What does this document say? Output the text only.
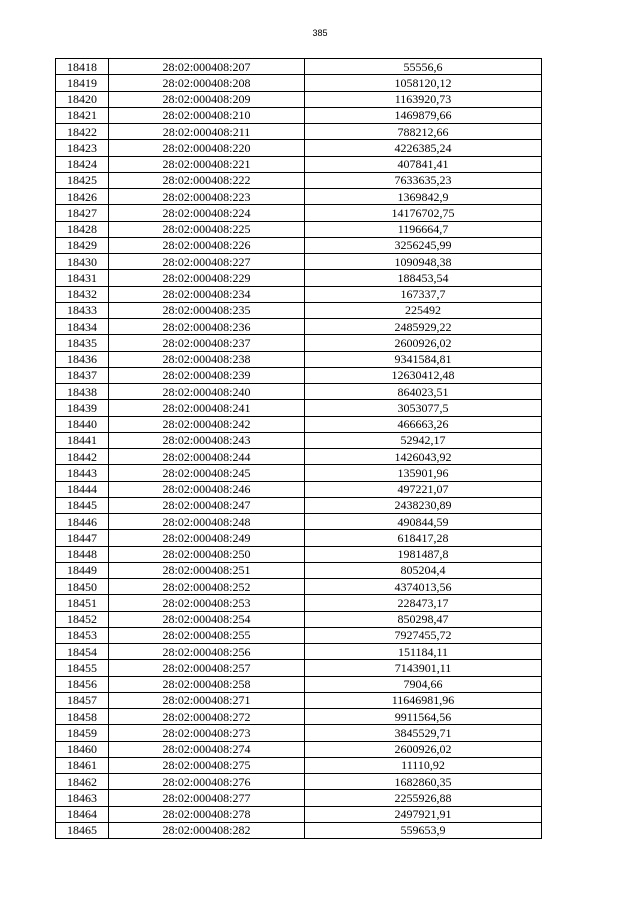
385
18418	28:02:000408:207	55556,6
18419	28:02:000408:208	1058120,12
18420	28:02:000408:209	1163920,73
18421	28:02:000408:210	1469879,66
18422	28:02:000408:211	788212,66
18423	28:02:000408:220	4226385,24
18424	28:02:000408:221	407841,41
18425	28:02:000408:222	7633635,23
18426	28:02:000408:223	1369842,9
18427	28:02:000408:224	14176702,75
18428	28:02:000408:225	1196664,7
18429	28:02:000408:226	3256245,99
18430	28:02:000408:227	1090948,38
18431	28:02:000408:229	188453,54
18432	28:02:000408:234	167337,7
18433	28:02:000408:235	225492
18434	28:02:000408:236	2485929,22
18435	28:02:000408:237	2600926,02
18436	28:02:000408:238	9341584,81
18437	28:02:000408:239	12630412,48
18438	28:02:000408:240	864023,51
18439	28:02:000408:241	3053077,5
18440	28:02:000408:242	466663,26
18441	28:02:000408:243	52942,17
18442	28:02:000408:244	1426043,92
18443	28:02:000408:245	135901,96
18444	28:02:000408:246	497221,07
18445	28:02:000408:247	2438230,89
18446	28:02:000408:248	490844,59
18447	28:02:000408:249	618417,28
18448	28:02:000408:250	1981487,8
18449	28:02:000408:251	805204,4
18450	28:02:000408:252	4374013,56
18451	28:02:000408:253	228473,17
18452	28:02:000408:254	850298,47
18453	28:02:000408:255	7927455,72
18454	28:02:000408:256	151184,11
18455	28:02:000408:257	7143901,11
18456	28:02:000408:258	7904,66
18457	28:02:000408:271	11646981,96
18458	28:02:000408:272	9911564,56
18459	28:02:000408:273	3845529,71
18460	28:02:000408:274	2600926,02
18461	28:02:000408:275	11110,92
18462	28:02:000408:276	1682860,35
18463	28:02:000408:277	2255926,88
18464	28:02:000408:278	2497921,91
18465	28:02:000408:282	559653,9
